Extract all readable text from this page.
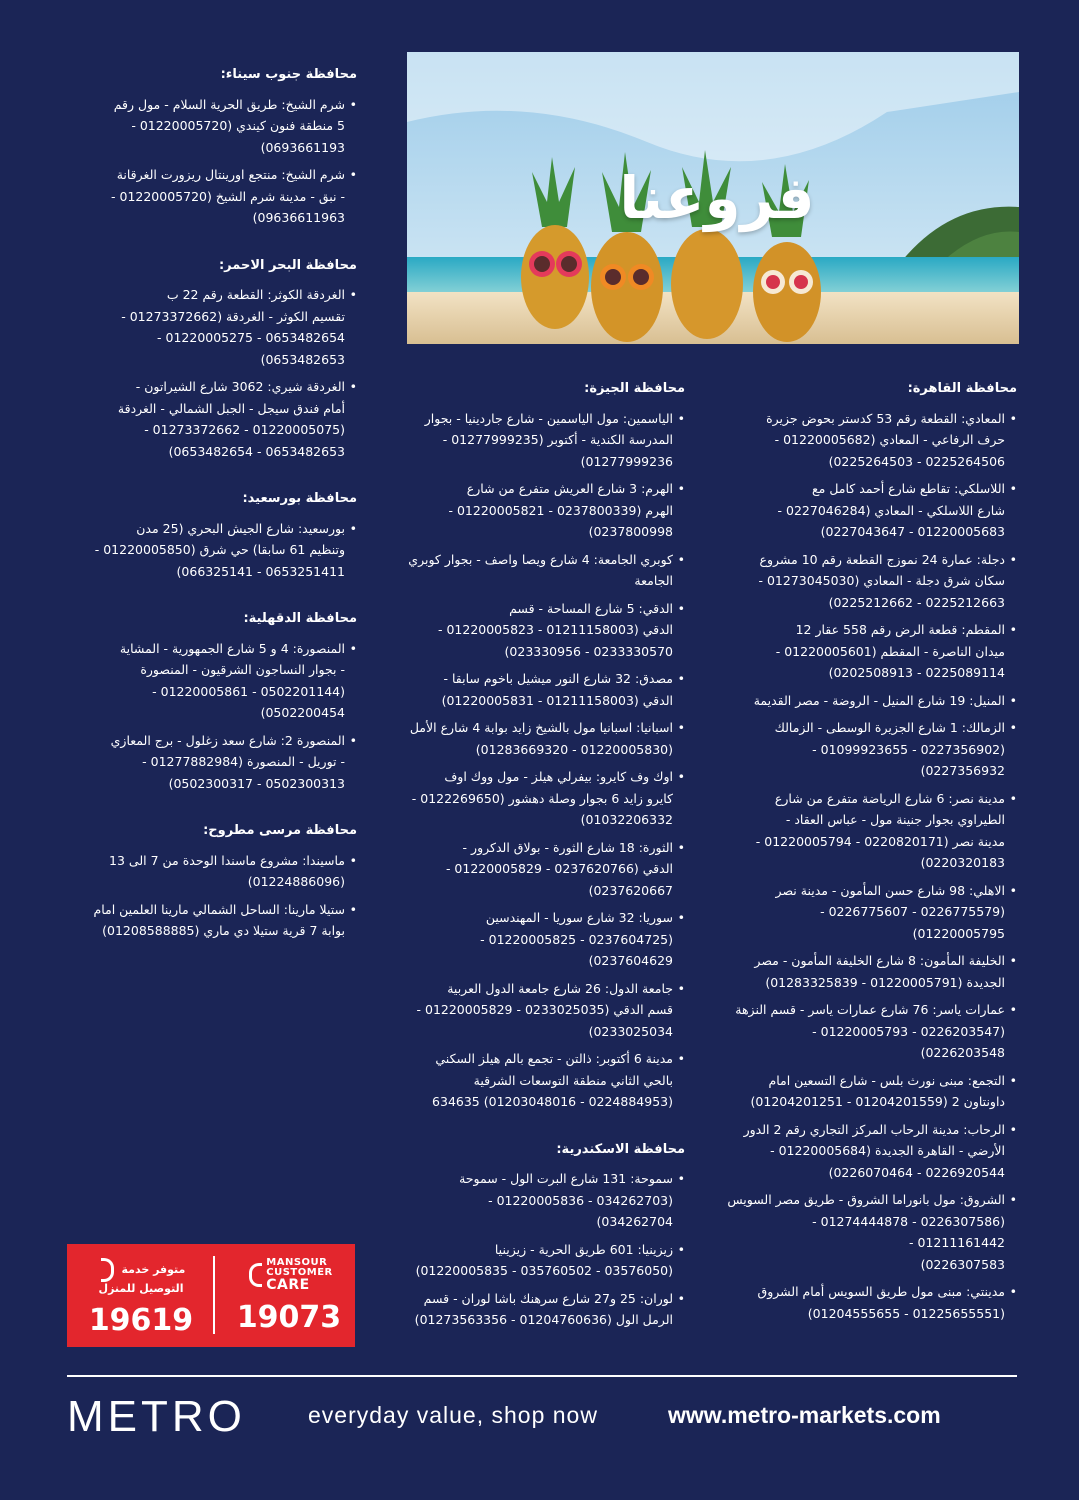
فروعنا
محافظة القاهرة:
• المعادي: القطعة رقم 53 كدستر بحوض جزيرة
حرف الرفاعي - المعادي (01220005682 -
0225264506 - 0225264503)
• اللاسلكي: تقاطع شارع أحمد كامل مع
شارع اللاسلكي - المعادي (0227046284 -
01220005683 - 0227043647)
• دجلة: عمارة 24 نموزج القطعة رقم 10 مشروع
سكان شرق دجلة - المعادي (01273045030 -
0225212663 - 0225212662)
• المقطم: قطعة الرض رقم 558 عقار 12
ميدان الناصرة - المقطم (01220005601 -
0225089114 - 0202508913)
• المنيل: 19 شارع المنيل - الروضة - مصر القديمة
• الزمالك: 1 شارع الجزيرة الوسطى - الزمالك
(0227356902 - 01099923655 -
0227356932)
• مدينة نصر: 6 شارع الرياضة متفرع من شارع
الطيراوي بجوار جنينة مول - عباس العقاد -
مدينة نصر (0220820171 - 01220005794 -
0220320183)
• الاهلي: 98 شارع حسن المأمون - مدينة نصر
(0226775579 - 0226775607 - 01220005795)
• الخليفة المأمون: 8 شارع الخليفة المأمون - مصر
الجديدة (01220005791 - 01283325839)
• عمارات ياسر: 76 شارع عمارات ياسر - قسم النزهة
(0226203547 - 01220005793 -
0226203548)
• التجمع: مبنى نورث بلس - شارع التسعين امام
داونتاون 2 (01204201559 - 01204201251)
• الرحاب: مدينة الرحاب المركز التجاري رقم 2 الدور
الأرضي - القاهرة الجديدة (01220005684 -
0226920544 - 0226070464)
• الشروق: مول بانوراما الشروق - طريق مصر السويس
(0226307586 - 01274444878 - 01211161442 -
0226307583)
• مدينتي: مبنى مول طريق السويس أمام الشروق
(01225655551 - 01204555655)
محافظة الجيزة:
• الياسمين: مول الياسمين - شارع جاردينيا - بجوار
المدرسة الكندية - أكتوبر (01277999235 -
01277999236)
• الهرم: 3 شارع العريش متفرع من شارع
الهرم (0237800339 - 01220005821 -
0237800998)
• كوبري الجامعة: 4 شارع ويصا واصف - بجوار كوبري
الجامعة
• الدقي: 5 شارع المساحة - قسم
الدقي (01211158003 - 01220005823 -
0233330570 - 023330956)
• مصدق: 32 شارع النور ميشيل باخوم سابقا -
الدقي (01211158003 - 01220005831)
• اسبانيا: اسبانيا مول بالشيخ زايد بوابة 4 شارع الأمل
(01220005830 - 01283669320)
• اوك وف كايرو: بيفرلي هيلز - مول ووك اوف
كايرو زايد 6 بجوار وصلة دهشور (0122269650 -
01032206332)
• الثورة: 18 شارع الثورة - بولاق الدكرور -
الدقي (0237620766 - 01220005829 -
0237620667)
• سوريا: 32 شارع سوريا - المهندسين
(0237604725 - 01220005825 -
0237604629)
• جامعة الدول: 26 شارع جامعة الدول العربية
قسم الدقي (0233025035 - 01220005829 -
0233025034)
• مدينة 6 أكتوبر: ذالتن - تجمع بالم هيلز السكني
بالحي الثاني منطقة التوسعات الشرقية
(0224884953 - 01203048016) 634635
محافظة الاسكندرية:
• سموحة: 131 شارع البرت الول - سموحة
(034262703 - 01220005836 -
034262704)
• زيزينيا: 601 طريق الحرية - زيزينيا
(03576050 - 035760502 - 01220005835)
• لوران: 25 و27 شارع سرهنك باشا لوران - قسم
الرمل الول (01204760636 - 01273563356)
محافظة جنوب سيناء:
• شرم الشيخ: طريق الحرية السلام - مول رقم
5 منطقة فنون كيندي (01220005720 -
0693661193)
• شرم الشيخ: منتجع اورينتال ريزورت الغرقانة
- نبق - مدينة شرم الشيخ (01220005720 -
09636611963)
محافظة البحر الاحمر:
• الغردقة الكوثر: القطعة رقم 22 ب
تقسيم الكوثر - الغردقة (01273372662 -
0653482654 - 01220005275 -
0653482653)
• الغردقة شيري: 3062 شارع الشيراتون -
أمام فندق سيجل - الجبل الشمالي - الغردقة
(01220005075 - 01273372662 -
0653482653 - 0653482654)
محافظة بورسعيد:
• بورسعيد: شارع الجيش البحري (25 مدن
وتنظيم 61 سابقا) حي شرق (01220005850 -
0653251411 - 066325141)
محافظة الدقهلية:
• المنصورة: 4 و 5 شارع الجمهورية - المشاية
- بجوار النساجون الشرقيون - المنصورة
(0502201144 - 01220005861 -
0502200454)
• المنصورة 2: شارع سعد زغلول - برج المعازي
- توريل - المنصورة (01277882984 -
0502300313 - 0502300317)
محافظة مرسى مطروح:
• ماسيندا: مشروع ماسندا الوحدة من 7 الى 13
(01224886096)
• ستيلا مارينا: الساحل الشمالي مارينا العلمين امام
بوابة 7 قرية ستيلا دي ماري (01208588885)
متوفر خدمة
التوصيل للمنزل
19619
MANSOUR
CUSTOMER
CARE
19073
METRO	everyday value, shop now	www.metro-markets.com
